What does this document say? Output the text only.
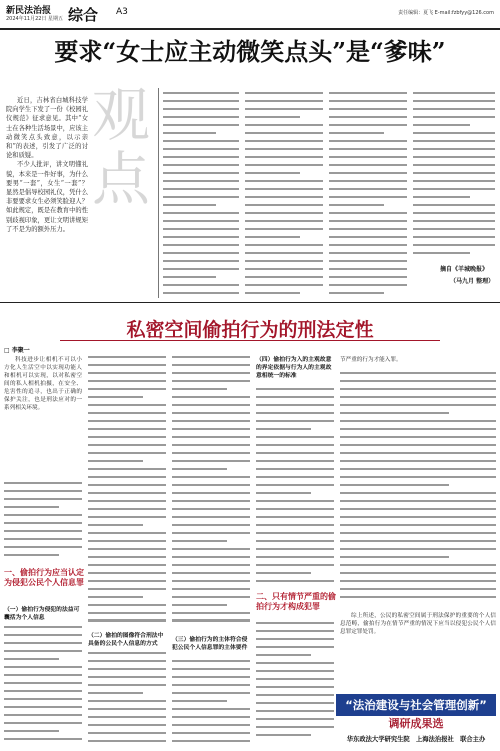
新民法治报
2024年11月22日 星期五 综合 A3	责任编辑：夏飞 E-mail:fzbfyy@126.com
要求“女士应主动微笑点头”是“爹味”
观
点

近日，吉林省白城科技学院向学生下发了一份《校园礼仪规范》征求意见。其中“女士在各种生活场景中，应该主动微笑点头致意，以示亲和”的表述，引发了广泛的讨论和质疑。

不少人批评，讲文明懂礼貌，本来是一件好事，为什么要男“一套”，女生“一套”？显然是倡导校园礼仪，凭什么非要要求女生必须笑脸迎人？如此规定，既是在教育中的性别歧视印象，更让文明讲规矩了不是为的额外压力。

摘自《羊城晚报》
（马九月 整理）
私密空间偷拍行为的刑法定性
□ 李聚一

科技进步让相机不可以小方化人生活空中以实现功能人和相机可以实现，以对私密空间的私人相机拍摄，在安全、危害性的追寻，也出于正确的保护关注，也是刑法应对的一系列相关环境。

一、偷拍行为应当认定为侵犯公民个人信息罪
（一）偷拍行为侵犯的法益可囊括为个人信息
（二）偷拍的图像符合刑法中具备的公民个人信息的方式
（三）偷拍行为的主体符合侵犯公民个人信息罪的主体要件
（四）偷拍行为入的主观故意的界定依据与行为人的主观故意相统一的标准
二、只有情节严重的偷拍行为才构成犯罪

节严重的行为才能入罪。

综上所述，公民的私密空间属于刑法保护的重要的个人信息范畴，偷拍行为在情节严重的情况下应当以侵犯公民个人信息罪定罪处罚。

“法治建设与社会管理创新”
调研成果选
华东政法大学研究生院　上海法治报社　联合主办
